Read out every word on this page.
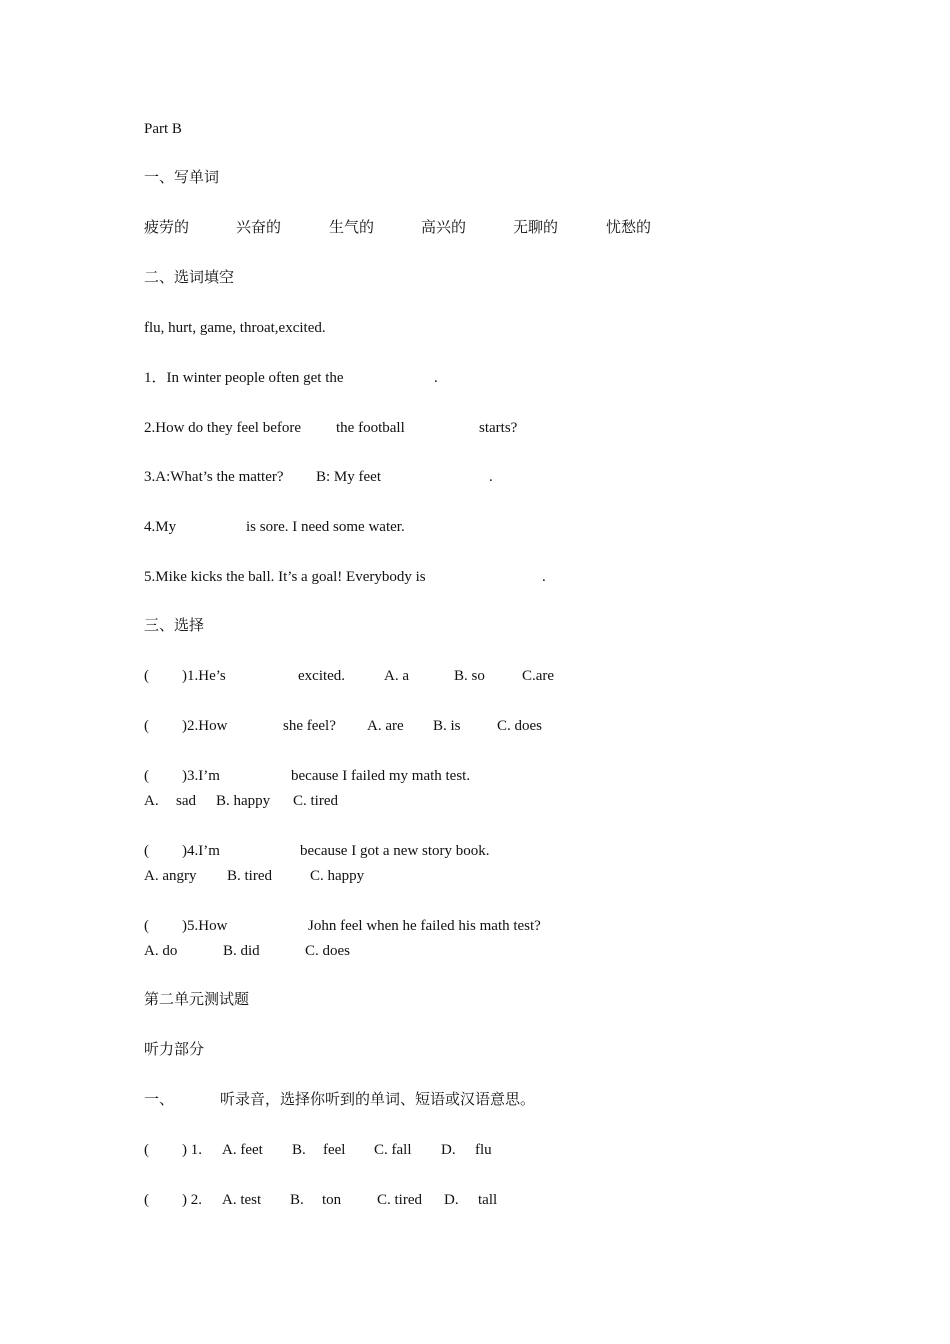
Part B
一、写单词
疲劳的	兴奋的	生气的	高兴的	无聊的	忧愁的
二、选词填空
flu, hurt, game, throat,excited.
1．In winter people often get the	.
2.How do they feel before the football	starts?
3.A:What’s the matter? B: My feet	.
4.My	is sore. I need some water.
5.Mike kicks the ball. It’s a goal! Everybody is	.
三、选择
( )1.He’s	excited.	A. a	B. so C.are
( )2.How	she feel? A. are B. is C. does
( )3.I’m	because I failed my math test.
A. sad B. happy C. tired
( )4.I’m	because I got a new story book.
A. angry B. tired	C. happy
( )5.How	John feel when he failed his math test?
A. do	B. did	C. does
第二单元测试题
听力部分
一、	听录音，选择你听到的单词、短语或汉语意思。
( ) 1. A. feet B. feel C. fall D. flu
( ) 2. A. test B. ton C. tired D. tall
